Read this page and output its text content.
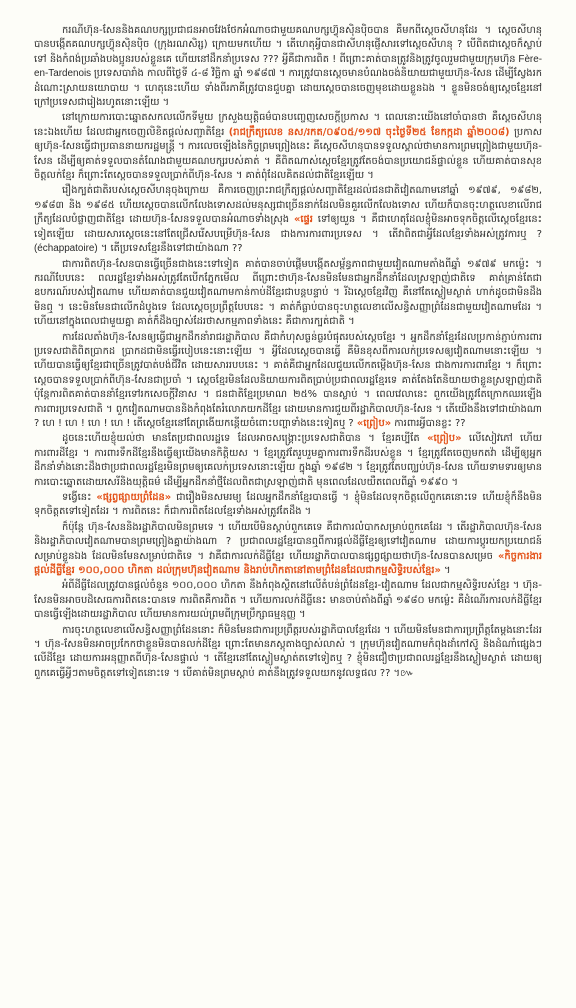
ករណីហ៊ុន-សែននិងគណបក្សប្រជាជនអាចវែងថែកអំណាចជាមួយគណបក្សហ៊្វុនស៊ិនប៉ិចបាន គឺមកពីស្ដេចសីហនុដែរ ។ ស្ដេចសីហនុបានបង្កើតគណបក្សហ៊្វុនស៊ិនប៉ិច (ក្រុងរណសិរ្ស) ក្រោយមកហើយ ។ តើហេតុអ្វីបានជាសីហនុផ្ញើសារទៅស្ដេចសីហនុ ? បើពិតជាស្ដេចក៏ស្លាប់ទៅ និងកំពង់ប្រឆាំងបងប្អូនរបស់ខ្លួនគេ ហើយនៅដឹកនាំប្រទេស ??? អ្វីគឺជាការពិត ! ពីព្រោះគាត់បានត្រូវនិងត្រូវចូលរួមជាមួយក្រុមហ៊ុន Fère-en-Tardenois ប្រទេសបារាំង កាលពីថ្ងៃទី ៤-៨ វិច្ឆិកា ឆ្នាំ ១៩៨៧ ។ ការត្រូវបានស្ដេចមានបំណងចង់និយាយជាមួយហ៊ុន-សែន ដើម្បីស្វែងរកដំណោះស្រាយនយោបាយ ។ ហេតុនេះហើយ ទាំងពីរភាគីត្រូវបានជួបគ្នា ដោយស្ដេចបានចេញមុខដោយខ្លួនឯង ។ ខ្លួនមិនចង់ឲ្យស្ដេចខ្មែរនៅក្រៅប្រទេសជារៀងរហូតនោះឡើយ ។

នៅក្រោយការបោះឆ្នោតសកលលើកទីមួយ ក្រសួងយុត្តិធម៌បានបញ្ចេញសេចក្ដីប្រកាស ។ ពេលនោះយើងនៅចាំបានថា គឺស្ដេចសីហនុនេះឯងហើយ ដែលជាអ្នកចេញលិខិតផ្ដល់សញ្ជាតិខ្មែរ (រាជក្រឹត្យលេខ នស/រកត/០៩០៥/១១៧ ចុះថ្ងៃទី២៥ ខែកក្កដា ឆ្នាំ២០០៨) ប្រកាសឲ្យហ៊ុន-សែនធ្វើជាប្រធាននាយករដ្ឋមន្ត្រី ។ ការលេចឡើងនៃកិច្ចព្រមព្រៀងនេះ គឺស្ដេចសីហនុបានទទួលស្គាល់ថាមានការព្រមព្រៀងជាមួយហ៊ុន-សែន ដើម្បីឲ្យគាត់ទទួលបានតំណែងជាមួយគណបក្សរបស់គាត់ ។ គឺពិតណាស់ស្ដេចខ្មែរត្រូវតែចង់បានប្រយោជន៍ផ្ទាល់ខ្លួន ហើយគាត់បានសុខចិត្តលក់ខ្មែរ ក៏ព្រោះតែស្ដេចបានទទួលប្រាក់ពីហ៊ុន-សែន ។ គាត់ពុំដែលគិតដល់ជាតិខ្មែរឡើយ ។

រឿងក្បត់ជាតិរបស់ស្ដេចសីហនុចុងក្រោយ គឺការចេញព្រះរាជក្រឹត្យផ្ដល់សញ្ជាតិខ្មែរដល់ជនជាតិវៀតណាមនៅឆ្នាំ ១៩៧៩, ១៩៨២, ១៩៨៣ និង ១៩៨៥ ហើយស្ដេចបានលើកលែងទោសដល់មនុស្សជាច្រើននាក់ដែលមិនគួរលើកលែងទោស ហើយក៏បានចុះហត្ថលេខាលើរាជក្រឹត្យដែលបំផ្លាញជាតិខ្មែរ ដោយហ៊ុន-សែនទទួលបានអំណាចទាំងស្រុង «ផ្ទេរ ទៅឲ្យយួន ។ គឺជាហេតុដែលខ្ញុំមិនអាចទុកចិត្តលើស្ដេចខ្មែរនេះទៀតឡើយ ដោយសារស្ដេចនេះនៅតែជ្រើសរើសបម្រើហ៊ុន-សែន ជាងការការពារប្រទេស ។ តើវាពិតជាអ្វីដែលខ្មែរទាំងអស់ត្រូវការឬ ? (échappatoire) ។ តើប្រទេសខ្មែរនឹងទៅជាយ៉ាងណា ??

ជាការពិតហ៊ុន-សែនបានធ្វើច្រើនជាងនេះទៅទៀត គាត់បានចាប់ផ្ដើមបង្កើតសម្ព័ន្ធភាពជាមួយវៀតណាមតាំងពីឆ្នាំ ១៩៧៩ មកម៉្លេះ ។ ករណីបែបនេះ ពលរដ្ឋខ្មែរទាំងអស់ត្រូវតែបើកភ្នែកមើល ពីព្រោះថាហ៊ុន-សែនមិនមែនជាអ្នកដឹកនាំដែលស្រឡាញ់ជាតិទេ គាត់គ្រាន់តែជាឧបករណ៍របស់វៀតណាម ហើយគាត់បានជួយវៀតណាមកាន់កាប់ដីខ្មែរជាបន្តបន្ទាប់ ។ រីឯស្ដេចខ្មែរវិញ គឺនៅតែស្ងៀមស្ងាត់ ហាក់ដូចជាមិនដឹងមិនឮ ។ នេះមិនមែនជាលើកដំបូងទេ ដែលស្ដេចប្រព្រឹត្តបែបនេះ ។ គាត់ក៏ធ្លាប់បានចុះហត្ថលេខាលើសន្ធិសញ្ញាព្រំដែនជាមួយវៀតណាមដែរ ។ ហើយនៅក្នុងពេលជាមួយគ្នា គាត់ក៏ដឹងច្បាស់ដែរថាសកម្មភាពទាំងនេះ គឺជាការក្បត់ជាតិ ។

ការដែលតាំងហ៊ុន-សែនឲ្យធ្វើជាអ្នកដឹកនាំរាជរដ្ឋាភិបាល គឺជាកំហុសធ្ងន់ធ្ងរបំផុតរបស់ស្ដេចខ្មែរ ។ អ្នកដឹកនាំខ្មែរដែលប្រកាន់ភ្ជាប់ការពារប្រទេសជាតិពិតប្រាកដ ប្រាកដជាមិនធ្វើរបៀបនេះនោះឡើយ ។ អ្វីដែលស្ដេចបានធ្វើ គឺមិនខុសពីការលក់ប្រទេសឲ្យវៀតណាមនោះឡើយ ។ ហើយបានធ្វើឲ្យខ្មែរជាច្រើនត្រូវបាត់បង់ជីវិត ដោយសាររបបនេះ ។ គាត់គឺជាអ្នកដែលជួយលើកតម្កើងហ៊ុន-សែន ជាងការការពារខ្មែរ ។ ក៏ព្រោះស្ដេចបានទទួលប្រាក់ពីហ៊ុន-សែនជាប្រចាំ ។ ស្ដេចខ្មែរមិនដែលនិយាយការពិតប្រាប់ប្រជាពលរដ្ឋខ្មែរទេ គាត់តែងតែនិយាយថាខ្លួនស្រឡាញ់ជាតិ ប៉ុន្តែការពិតគាត់បាននាំខ្មែរទៅរកសេចក្ដីវិនាស ។ ជនជាតិខ្មែរប្រមាណ ២៥% បានស្លាប់ ។ ពេលវេលានេះ ពួកយើងត្រូវតែក្រោកឈរឡើងការពារប្រទេសជាតិ ។ ពួកវៀតណាមបាននិងកំពុងតែរំលោភយកដីខ្មែរ ដោយមានការជួយពីរដ្ឋាភិបាលហ៊ុន-សែន ។ តើយើងនឹងទៅជាយ៉ាងណា ? ហេ ! ហេ ! ហេ ! ហេ ! តើស្ដេចខ្មែរនៅតែព្រងើយកន្តើយចំពោះបញ្ហាទាំងនេះទៀតឬ ? «ព្រៀប» ការពារអ្វីបានខ្លះ ??

ដូចនេះហើយខ្ញុំយល់ថា មានតែប្រជាពលរដ្ឋទេ ដែលអាចសង្គ្រោះប្រទេសជាតិបាន ។ ខ្មែរគប្បីតែ «ព្រៀប» លើសៀវភៅ ហើយការពារដីខ្មែរ ។ ការពារទឹកដីខ្មែរនឹងធ្វើឲ្យយើងមានកិត្តិយស ។ ខ្មែរត្រូវតែរួបរួមគ្នាការពារទឹកដីរបស់ខ្លួន ។ ខ្មែរត្រូវតែចេញមកតវ៉ា ដើម្បីឲ្យអ្នកដឹកនាំទាំងនោះដឹងថាប្រជាពលរដ្ឋខ្មែរមិនព្រមឲ្យគេលក់ប្រទេសនោះឡើយ ក្នុងឆ្នាំ ១៩៨២ ។ ខ្មែរត្រូវតែបញ្ឈប់ហ៊ុន-សែន ហើយទាមទារឲ្យមានការបោះឆ្នោតដោយសេរីនិងយុត្តិធម៌ ដើម្បីអ្នកដឹកនាំថ្មីដែលពិតជាស្រឡាញ់ជាតិ មុនពេលដែលយឺតពេលពីឆ្នាំ ១៩៩០ ។

ទង្វើនេះ «ផ្សព្វផ្សាយព្រំដែន» ជារឿងមិនសមរម្យ ដែលអ្នកដឹកនាំខ្មែរបានធ្វើ ។ ខ្ញុំមិនដែលទុកចិត្តលើពួកគេនោះទេ ហើយខ្ញុំក៏នឹងមិនទុកចិត្តតទៅទៀតដែរ ។ ការពិតនេះ ក៏ជាការពិតដែលខ្មែរទាំងអស់ត្រូវតែដឹង ។

ក៏ប៉ុន្តែ ហ៊ុន-សែននិងរដ្ឋាភិបាលមិនព្រមទេ ។ ហើយបើមិនស្ដាប់ពួកគេទេ គឺជាការលំបាកសម្រាប់ពួកគេដែរ ។ តើរដ្ឋាភិបាលហ៊ុន-សែននិងរដ្ឋាភិបាលវៀតណាមបានព្រមព្រៀងគ្នាយ៉ាងណា ? ប្រជាពលរដ្ឋខ្មែរបានឮពីការផ្ដល់ដីធ្លីខ្មែរឲ្យទៅវៀតណាម ដោយការប្ដូរយកប្រយោជន៍សម្រាប់ខ្លួនឯង ដែលមិនមែនសម្រាប់ជាតិទេ ។ វាគឺជាការលក់ដីធ្លីខ្មែរ ហើយរដ្ឋាភិបាលបានផ្សព្វផ្សាយថាហ៊ុន-សែនបានសម្រេច «កិច្ចការងារផ្ដល់ដីធ្លីខ្មែរ ១០០,០០០ ហិកតា ដល់ក្រុមហ៊ុនវៀតណាម និងរាប់ហិកតានៅតាមព្រំដែនដែលជាកម្មសិទ្ធិរបស់ខ្មែរ» ។

អំពីដីធ្លីដែលត្រូវបានផ្ដល់ចំនួន ១០០,០០០ ហិកតា នឹងកំពុងស្ថិតនៅលើតំបន់ព្រំដែនខ្មែរ-វៀតណាម ដែលជាកម្មសិទ្ធិរបស់ខ្មែរ ។ ហ៊ុន-សែនមិនអាចបដិសេធការពិតនេះបានទេ ការពិតគឺការពិត ។ ហើយការលក់ដីធ្លីនេះ មានចាប់តាំងពីឆ្នាំ ១៩៨០ មកម៉្លេះ គឺដំណើរការលក់ដីធ្លីខ្មែរបានធ្វើឡើងដោយរដ្ឋាភិបាល ហើយមានការយល់ព្រមពីក្រុមប្រឹក្សាធម្មនុញ្ញ ។

ការចុះហត្ថលេខាលើសន្ធិសញ្ញាព្រំដែននោះ ក៏មិនមែនជាការប្រព្រឹត្តរបស់រដ្ឋាភិបាលខ្មែរដែរ ។ ហើយមិនមែនជាការប្រព្រឹត្តតែម្ដងនោះដែរ ។ ហ៊ុន-សែនមិនអាចប្រកែកថាខ្លួនមិនបានលក់ដីខ្មែរ ព្រោះតែមានភស្តុតាងច្បាស់លាស់ ។ ក្រុមហ៊ុនវៀតណាមកំពុងដាំកៅស៊ូ និងដំណាំផ្សេងៗ លើដីខ្មែរ ដោយការអនុញ្ញាតពីហ៊ុន-សែនផ្ទាល់ ។ តើខ្មែរនៅតែស្ងៀមស្ងាត់តទៅទៀតឬ ? ខ្ញុំមិនជឿថាប្រជាពលរដ្ឋខ្មែរនឹងស្ងៀមស្ងាត់ ដោយឲ្យពួកគេធ្វើអ្វីៗតាមចិត្តតទៅទៀតនោះទេ ។ បើគាត់មិនព្រមស្ដាប់ គាត់នឹងត្រូវទទួលយកនូវលទ្ធផល ?? ។៚
